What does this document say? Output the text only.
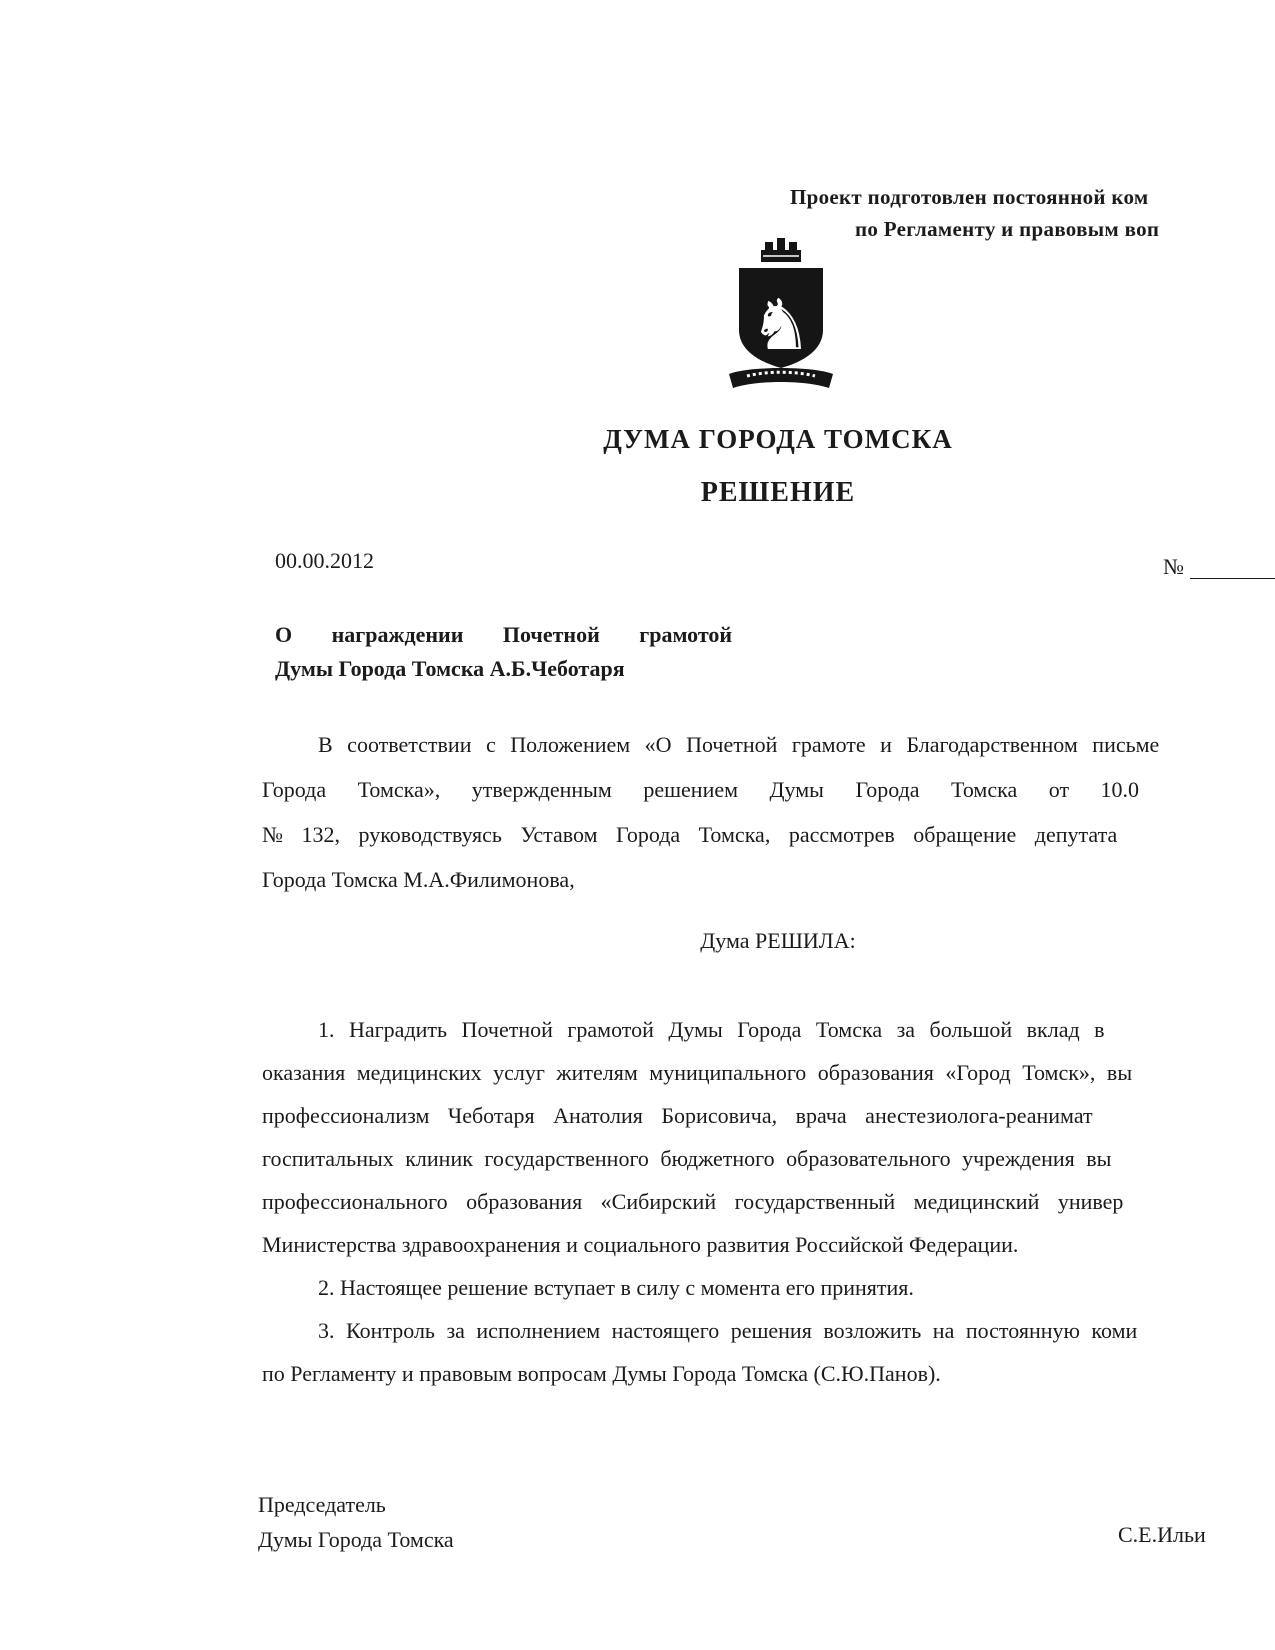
Проект подготовлен постоянной ком
по Регламенту и правовым воп
♞
ДУМА ГОРОДА ТОМСКА
РЕШЕНИЕ
00.00.2012	№
О награждении Почетной грамотой
Думы Города Томска А.Б.Чеботаря
В соответствии с Положением «О Почетной грамоте и Благодарственном письме
Города Томска», утвержденным решением Думы Города Томска от 10.0
№ 132, руководствуясь Уставом Города Томска, рассмотрев обращение депутата
Города Томска М.А.Филимонова,
Дума РЕШИЛА:
1. Наградить Почетной грамотой Думы Города Томска за большой вклад в
оказания медицинских услуг жителям муниципального образования «Город Томск», вы
профессионализм Чеботаря Анатолия Борисовича, врача анестезиолога-реанимат
госпитальных клиник государственного бюджетного образовательного учреждения вы
профессионального образования «Сибирский государственный медицинский универ
Министерства здравоохранения и социального развития Российской Федерации.
2. Настоящее решение вступает в силу с момента его принятия.
3. Контроль за исполнением настоящего решения возложить на постоянную коми
по Регламенту и правовым вопросам Думы Города Томска (С.Ю.Панов).
Председатель
Думы Города Томска	С.Е.Ильи
